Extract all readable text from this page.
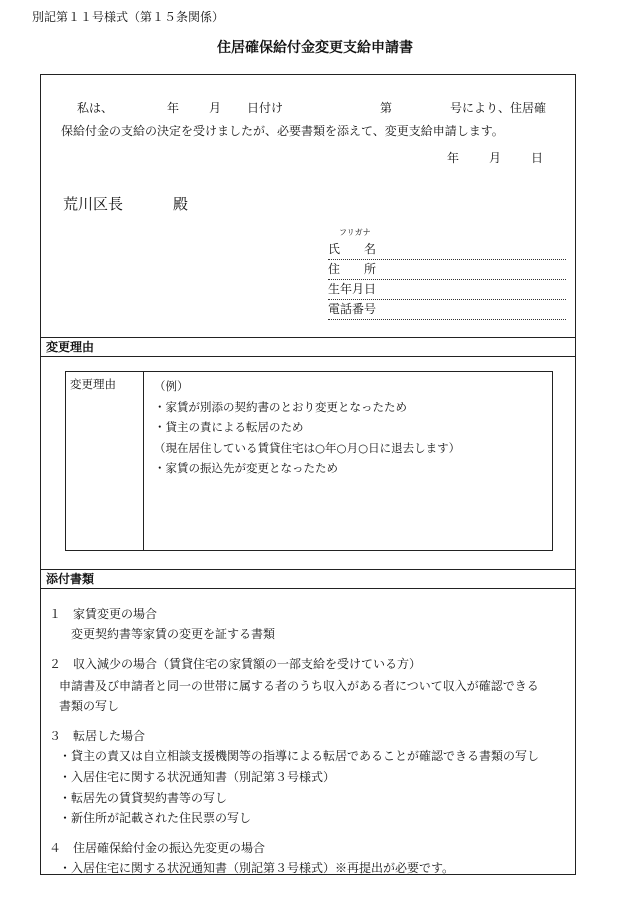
別記第１１号様式（第１５条関係）
住居確保給付金変更支給申請書
私は、	年 月 日付け	第	号により、住居確
保給付金の支給の決定を受けましたが、必要書類を添えて、変更支給申請します。
年 月 日
荒川区長	殿
フリガナ
氏　　名
住　　所
生年月日
電話番号
変更理由
変更理由	（例）
・家賃が別添の契約書のとおり変更となったため
・貸主の責による転居のため
（現在居住している賃貸住宅は○年○月○日に退去します）
・家賃の振込先が変更となったため
添付書類
１　家賃変更の場合
変更契約書等家賃の変更を証する書類
２　収入減少の場合（賃貸住宅の家賃額の一部支給を受けている方）
申請書及び申請者と同一の世帯に属する者のうち収入がある者について収入が確認できる
書類の写し
３　転居した場合
・貸主の責又は自立相談支援機関等の指導による転居であることが確認できる書類の写し
・入居住宅に関する状況通知書（別記第３号様式）
・転居先の賃貸契約書等の写し
・新住所が記載された住民票の写し
４　住居確保給付金の振込先変更の場合
・入居住宅に関する状況通知書（別記第３号様式）※再提出が必要です。
